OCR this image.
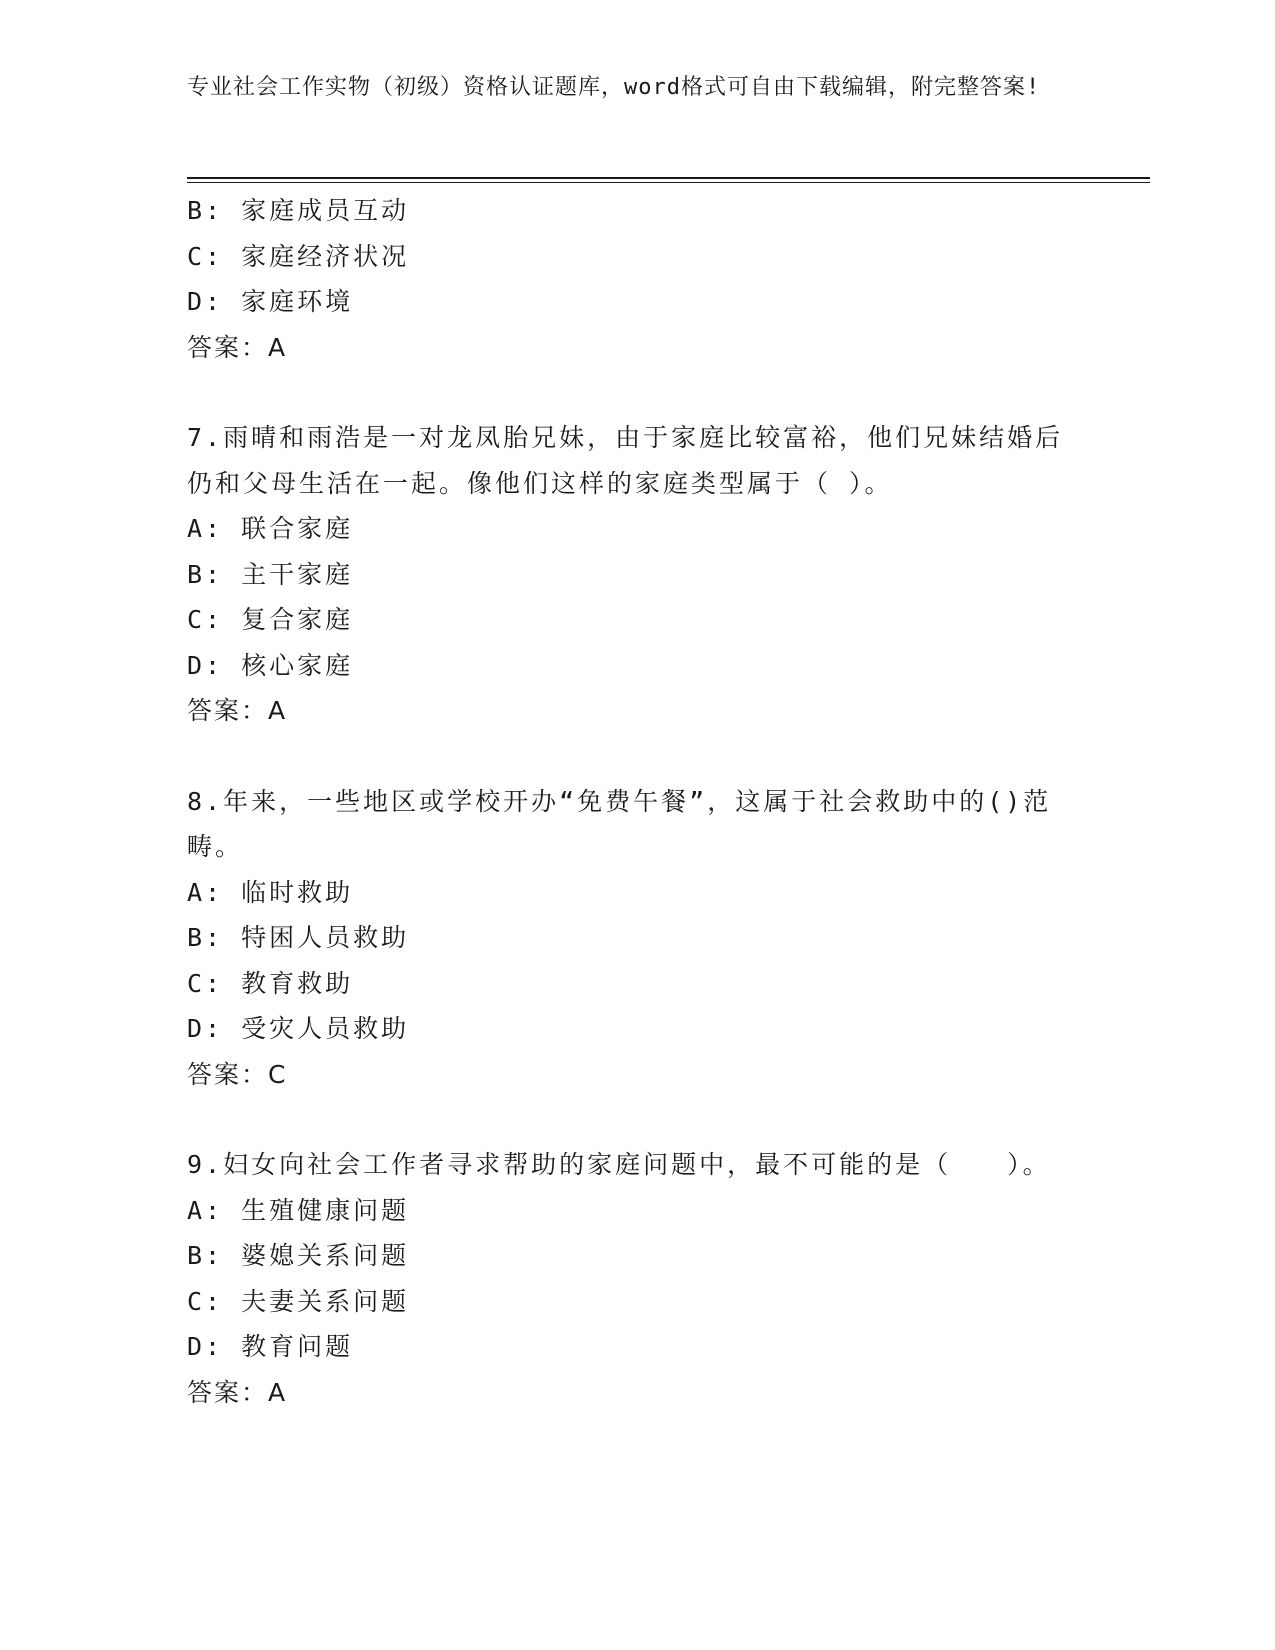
专业社会工作实物（初级）资格认证题库，word格式可自由下载编辑，附完整答案!
B: 家庭成员互动
C: 家庭经济状况
D: 家庭环境
答案：A
7.雨晴和雨浩是一对龙凤胎兄妹，由于家庭比较富裕，他们兄妹结婚后仍和父母生活在一起。像他们这样的家庭类型属于（ ）。
A: 联合家庭
B: 主干家庭
C: 复合家庭
D: 核心家庭
答案：A
8.年来，一些地区或学校开办“免费午餐”，这属于社会救助中的()范畴。
A: 临时救助
B: 特困人员救助
C: 教育救助
D: 受灾人员救助
答案：C
9.妇女向社会工作者寻求帮助的家庭问题中，最不可能的是（　　）。
A: 生殖健康问题
B: 婆媳关系问题
C: 夫妻关系问题
D: 教育问题
答案：A
